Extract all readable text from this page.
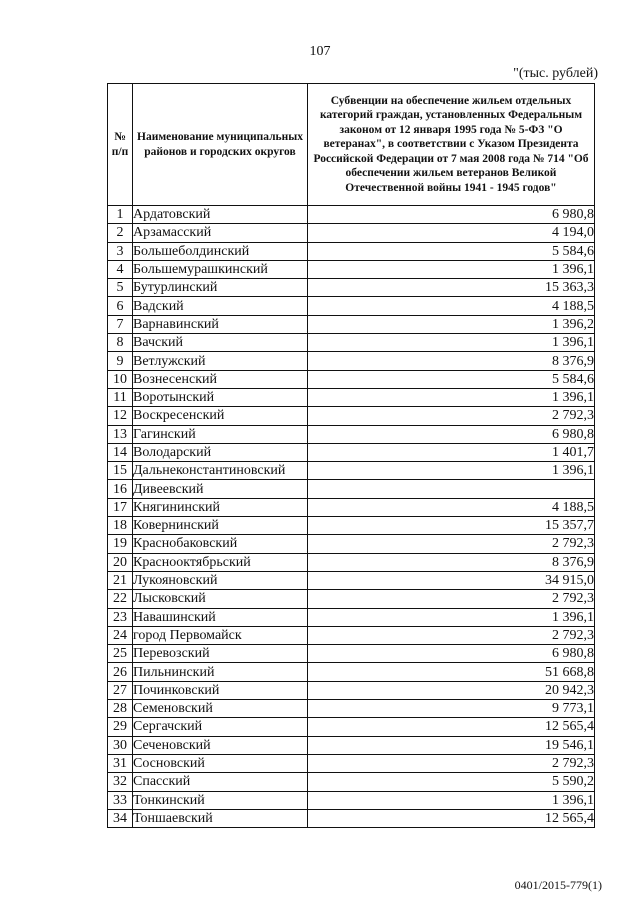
107
"(тыс. рублей)
№ п/п	Наименование муниципальных районов и городских округов	Субвенции на обеспечение жильем отдельных категорий граждан, установленных Федеральным законом от 12 января 1995 года № 5-ФЗ "О ветеранах", в соответствии с Указом Президента Российской Федерации от 7 мая 2008 года № 714 "Об обеспечении жильем ветеранов Великой Отечественной войны 1941 - 1945 годов"
1	Ардатовский	6 980,8
2	Арзамасский	4 194,0
3	Большеболдинский	5 584,6
4	Большемурашкинский	1 396,1
5	Бутурлинский	15 363,3
6	Вадский	4 188,5
7	Варнавинский	1 396,2
8	Вачский	1 396,1
9	Ветлужский	8 376,9
10	Вознесенский	5 584,6
11	Воротынский	1 396,1
12	Воскресенский	2 792,3
13	Гагинский	6 980,8
14	Володарский	1 401,7
15	Дальнеконстантиновский	1 396,1
16	Дивеевский	
17	Княгининский	4 188,5
18	Ковернинский	15 357,7
19	Краснобаковский	2 792,3
20	Краснооктябрьский	8 376,9
21	Лукояновский	34 915,0
22	Лысковский	2 792,3
23	Навашинский	1 396,1
24	город Первомайск	2 792,3
25	Перевозский	6 980,8
26	Пильнинский	51 668,8
27	Починковский	20 942,3
28	Семеновский	9 773,1
29	Сергачский	12 565,4
30	Сеченовский	19 546,1
31	Сосновский	2 792,3
32	Спасский	5 590,2
33	Тонкинский	1 396,1
34	Тоншаевский	12 565,4
0401/2015-779(1)
